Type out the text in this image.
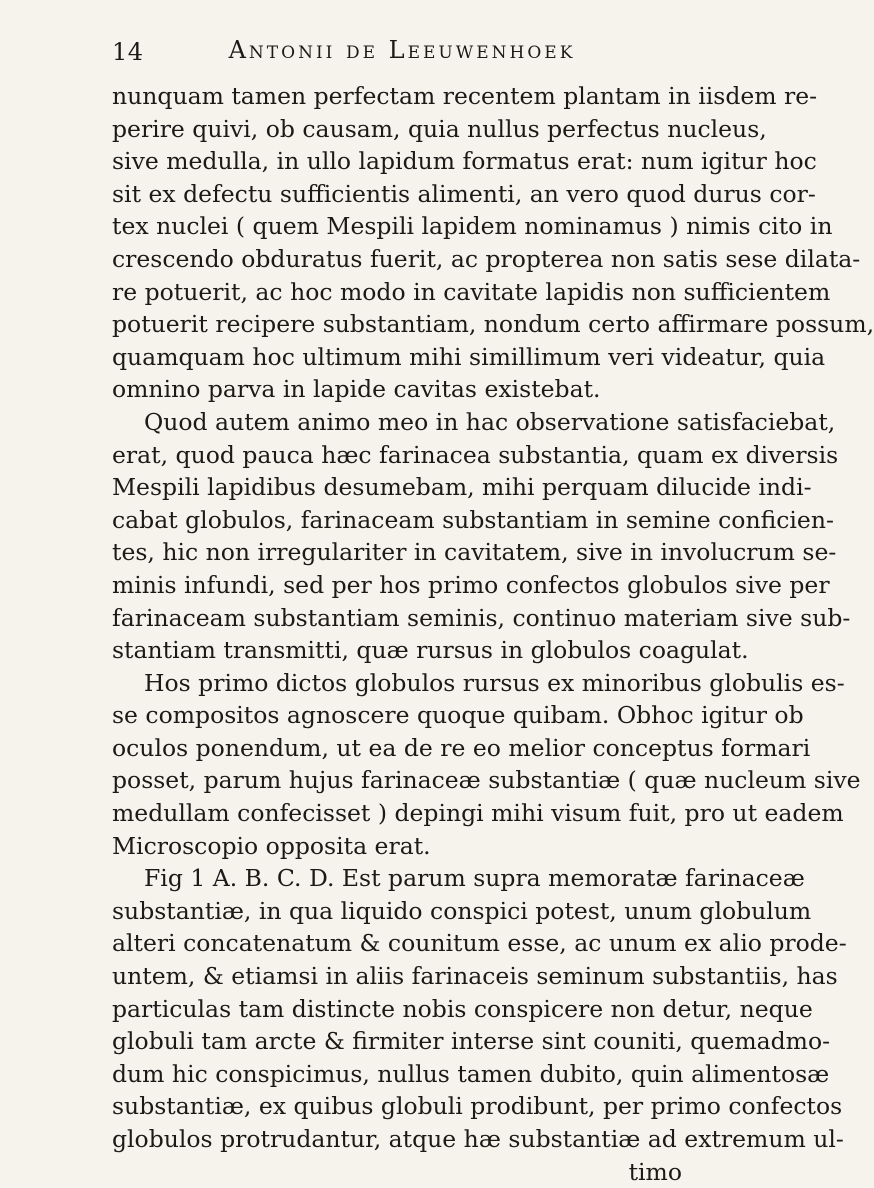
14	Antonii de Leeuwenhoek
nunquam tamen perfectam recentem plantam in iisdem re-
perire quivi, ob causam, quia nullus perfectus nucleus,
sive medulla, in ullo lapidum formatus erat: num igitur hoc
sit ex defectu sufficientis alimenti, an vero quod durus cor-
tex nuclei ( quem Mespili lapidem nominamus ) nimis cito in
crescendo obduratus fuerit, ac propterea non satis sese dilata-
re potuerit, ac hoc modo in cavitate lapidis non sufficientem
potuerit recipere substantiam, nondum certo affirmare possum,
quamquam hoc ultimum mihi simillimum veri videatur, quia
omnino parva in lapide cavitas existebat.
Quod autem animo meo in hac observatione satisfaciebat,
erat, quod pauca hæc farinacea substantia, quam ex diversis
Mespili lapidibus desumebam, mihi perquam dilucide indi-
cabat globulos, farinaceam substantiam in semine conficien-
tes, hic non irregulariter in cavitatem, sive in involucrum se-
minis infundi, sed per hos primo confectos globulos sive per
farinaceam substantiam seminis, continuo materiam sive sub-
stantiam transmitti, quæ rursus in globulos coagulat.
Hos primo dictos globulos rursus ex minoribus globulis es-
se compositos agnoscere quoque quibam. Obhoc igitur ob
oculos ponendum, ut ea de re eo melior conceptus formari
posset, parum hujus farinaceæ substantiæ ( quæ nucleum sive
medullam confecisset ) depingi mihi visum fuit, pro ut eadem
Microscopio opposita erat.
Fig 1 A. B. C. D. Est parum supra memoratæ farinaceæ
substantiæ, in qua liquido conspici potest, unum globulum
alteri concatenatum & counitum esse, ac unum ex alio prode-
untem, & etiamsi in aliis farinaceis seminum substantiis, has
particulas tam distincte nobis conspicere non detur, neque
globuli tam arcte & firmiter interse sint couniti, quemadmo-
dum hic conspicimus, nullus tamen dubito, quin alimentosæ
substantiæ, ex quibus globuli prodibunt, per primo confectos
globulos protrudantur, atque hæ substantiæ ad extremum ul-
timo
